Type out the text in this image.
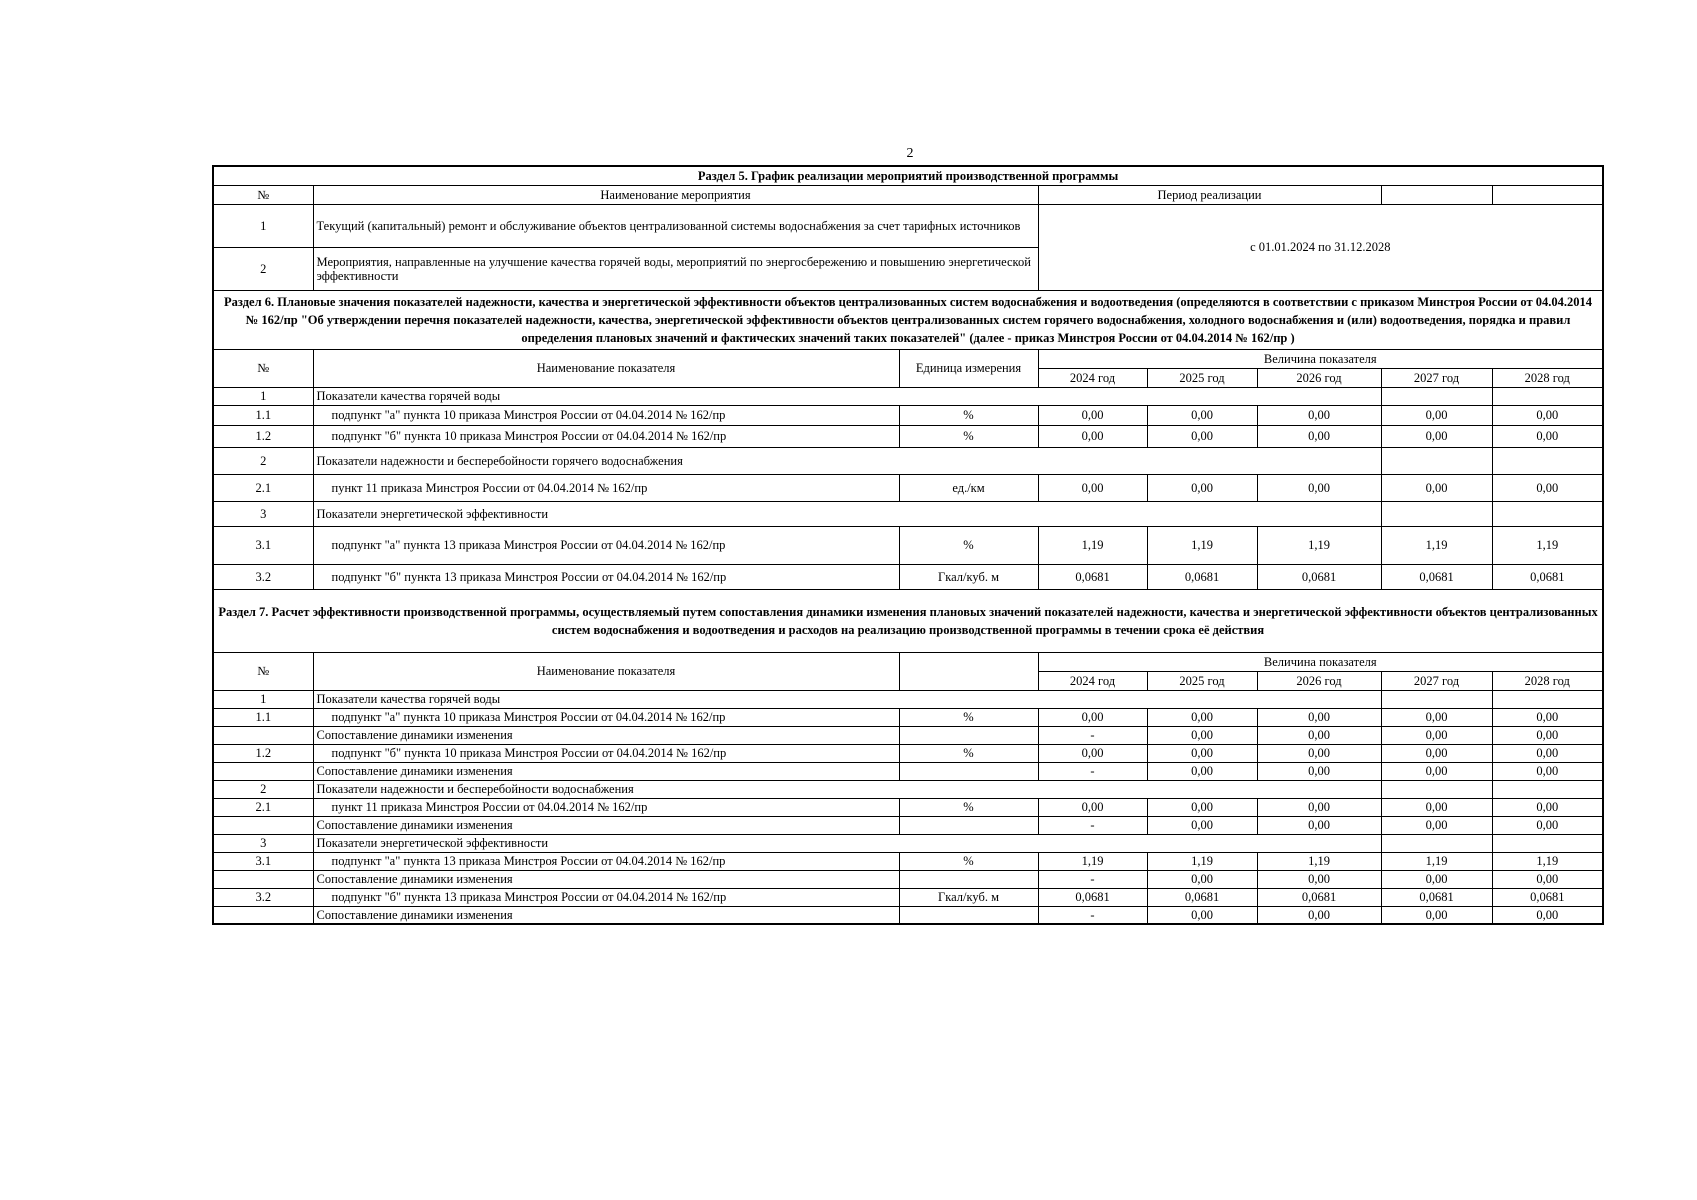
2
Раздел 5. График реализации мероприятий производственной программы							
№	Наименование мероприятия		Период реализации				
1	Текущий (капитальный) ремонт и обслуживание объектов централизованной системы водоснабжения за счет тарифных источников		с 01.01.2024 по 31.12.2028				
2	Мероприятия, направленные на улучшение качества горячей воды, мероприятий по энергосбережению и повышению энергетической эффективности						
Раздел 6. Плановые значения показателей надежности, качества и энергетической эффективности объектов централизованных систем водоснабжения и водоотведения (определяются в соответствии с приказом Минстроя России от 04.04.2014 № 162/пр "Об утверждении перечня показателей надежности, качества, энергетической эффективности объектов централизованных систем горячего водоснабжения, холодного водоснабжения и (или) водоотведения, порядка и правил определения плановых значений и фактических значений таких показателей" (далее - приказ Минстроя России от 04.04.2014 № 162/пр )							
№	Наименование показателя	Единица измерения	Величина показателя				
			2024 год	2025 год	2026 год	2027 год	2028 год
1	Показатели качества горячей воды						
1.1	подпункт "а" пункта 10 приказа Минстроя России от 04.04.2014 № 162/пр	%	0,00	0,00	0,00	0,00	0,00
1.2	подпункт "б" пункта 10 приказа Минстроя России от 04.04.2014 № 162/пр	%	0,00	0,00	0,00	0,00	0,00
2	Показатели надежности и бесперебойности горячего водоснабжения						
2.1	пункт 11 приказа Минстроя России от 04.04.2014 № 162/пр	ед./км	0,00	0,00	0,00	0,00	0,00
3	Показатели энергетической эффективности						
3.1	подпункт "а" пункта 13 приказа Минстроя России от 04.04.2014 № 162/пр	%	1,19	1,19	1,19	1,19	1,19
3.2	подпункт "б" пункта 13 приказа Минстроя России от 04.04.2014 № 162/пр	Гкал/куб. м	0,0681	0,0681	0,0681	0,0681	0,0681
Раздел 7. Расчет эффективности производственной программы, осуществляемый путем сопоставления динамики изменения плановых значений показателей надежности, качества и энергетической эффективности объектов централизованных систем водоснабжения и водоотведения и расходов на реализацию производственной программы в течении срока её действия							
№	Наименование показателя		Величина показателя				
			2024 год	2025 год	2026 год	2027 год	2028 год
1	Показатели качества горячей воды						
1.1	подпункт "а" пункта 10 приказа Минстроя России от 04.04.2014 № 162/пр	%	0,00	0,00	0,00	0,00	0,00
	Сопоставление динамики изменения		-	0,00	0,00	0,00	0,00
1.2	подпункт "б" пункта 10 приказа Минстроя России от 04.04.2014 № 162/пр	%	0,00	0,00	0,00	0,00	0,00
	Сопоставление динамики изменения		-	0,00	0,00	0,00	0,00
2	Показатели надежности и бесперебойности водоснабжения						
2.1	пункт 11 приказа Минстроя России от 04.04.2014 № 162/пр	%	0,00	0,00	0,00	0,00	0,00
	Сопоставление динамики изменения		-	0,00	0,00	0,00	0,00
3	Показатели энергетической эффективности						
3.1	подпункт "а" пункта 13 приказа Минстроя России от 04.04.2014 № 162/пр	%	1,19	1,19	1,19	1,19	1,19
	Сопоставление динамики изменения		-	0,00	0,00	0,00	0,00
3.2	подпункт "б" пункта 13 приказа Минстроя России от 04.04.2014 № 162/пр	Гкал/куб. м	0,0681	0,0681	0,0681	0,0681	0,0681
	Сопоставление динамики изменения		-	0,00	0,00	0,00	0,00
